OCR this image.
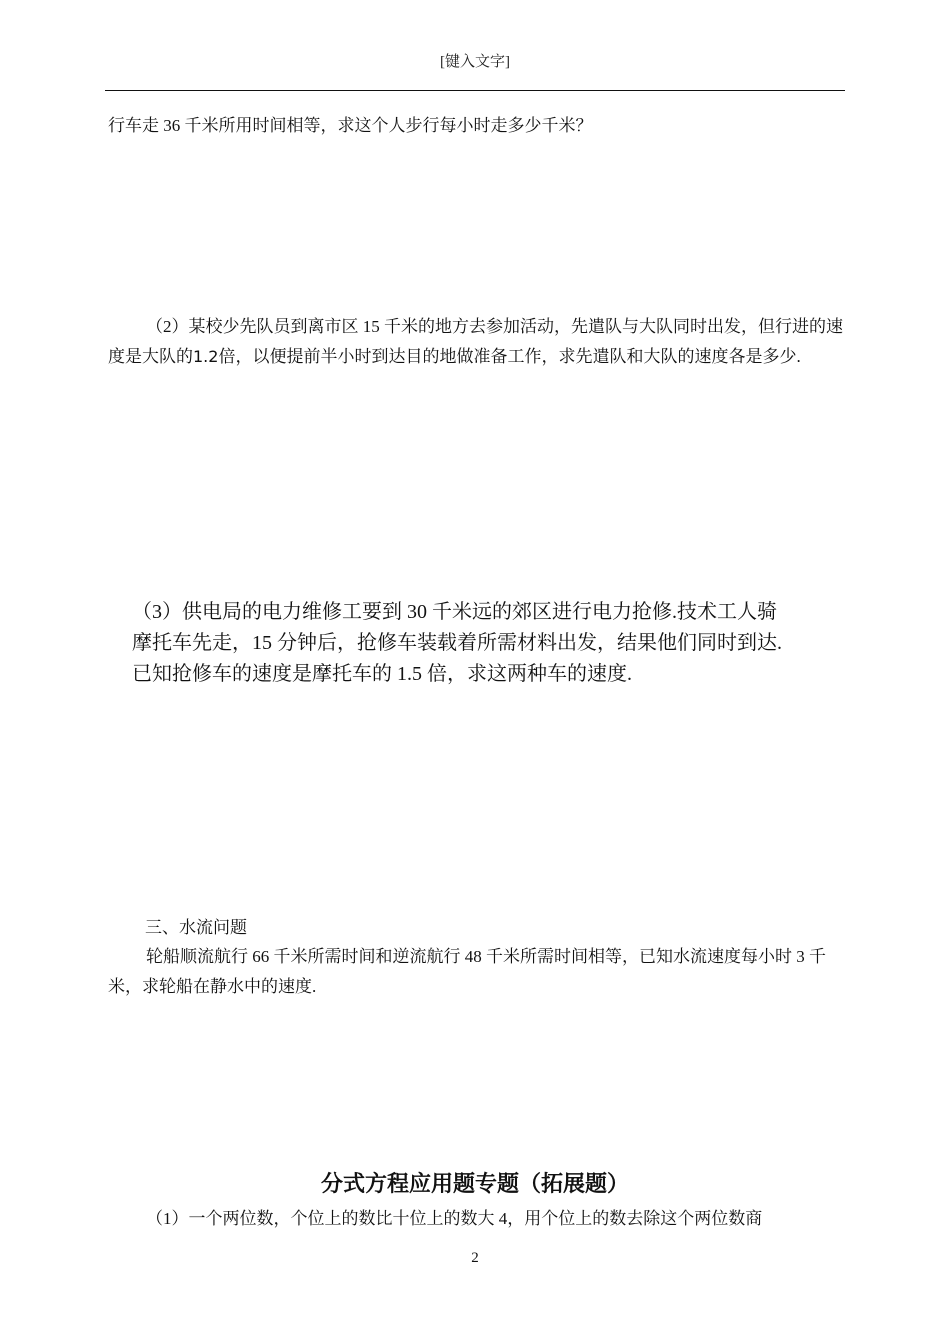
[键入文字]
行车走 36 千米所用时间相等，求这个人步行每小时走多少千米？
（2）某校少先队员到离市区 15 千米的地方去参加活动，先遣队与大队同时出发，但行进的速度是大队的1.2倍，以便提前半小时到达目的地做准备工作，求先遣队和大队的速度各是多少.
（3）供电局的电力维修工要到 30 千米远的郊区进行电力抢修.技术工人骑
摩托车先走，15 分钟后，抢修车装载着所需材料出发，结果他们同时到达.
已知抢修车的速度是摩托车的 1.5 倍，求这两种车的速度.
三、水流问题
轮船顺流航行 66 千米所需时间和逆流航行 48 千米所需时间相等，已知水流速度每小时 3 千米，求轮船在静水中的速度.
分式方程应用题专题（拓展题）
（1）一个两位数，个位上的数比十位上的数大 4，用个位上的数去除这个两位数商
2
